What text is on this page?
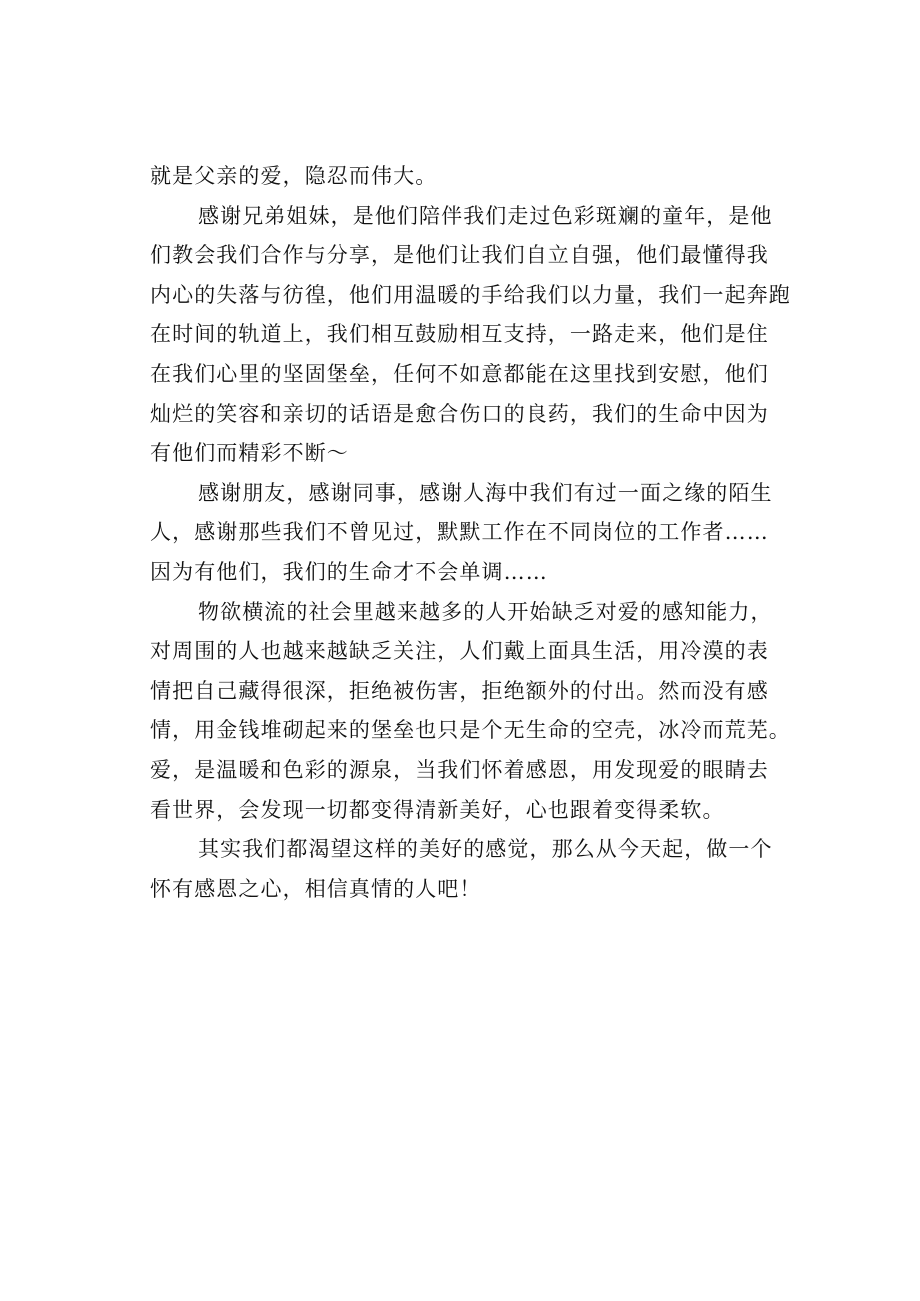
就是父亲的爱，隐忍而伟大。

感谢兄弟姐妹，是他们陪伴我们走过色彩斑斓的童年，是他

们教会我们合作与分享，是他们让我们自立自强，他们最懂得我

内心的失落与彷徨，他们用温暖的手给我们以力量，我们一起奔跑

在时间的轨道上，我们相互鼓励相互支持，一路走来，他们是住

在我们心里的坚固堡垒，任何不如意都能在这里找到安慰，他们

灿烂的笑容和亲切的话语是愈合伤口的良药，我们的生命中因为

有他们而精彩不断～

感谢朋友，感谢同事，感谢人海中我们有过一面之缘的陌生

人，感谢那些我们不曾见过，默默工作在不同岗位的工作者……

因为有他们，我们的生命才不会单调……

物欲横流的社会里越来越多的人开始缺乏对爱的感知能力，

对周围的人也越来越缺乏关注，人们戴上面具生活，用冷漠的表

情把自己藏得很深，拒绝被伤害，拒绝额外的付出。然而没有感

情，用金钱堆砌起来的堡垒也只是个无生命的空壳，冰冷而荒芜。

爱，是温暖和色彩的源泉，当我们怀着感恩，用发现爱的眼睛去

看世界，会发现一切都变得清新美好，心也跟着变得柔软。

其实我们都渴望这样的美好的感觉，那么从今天起，做一个

怀有感恩之心，相信真情的人吧！
